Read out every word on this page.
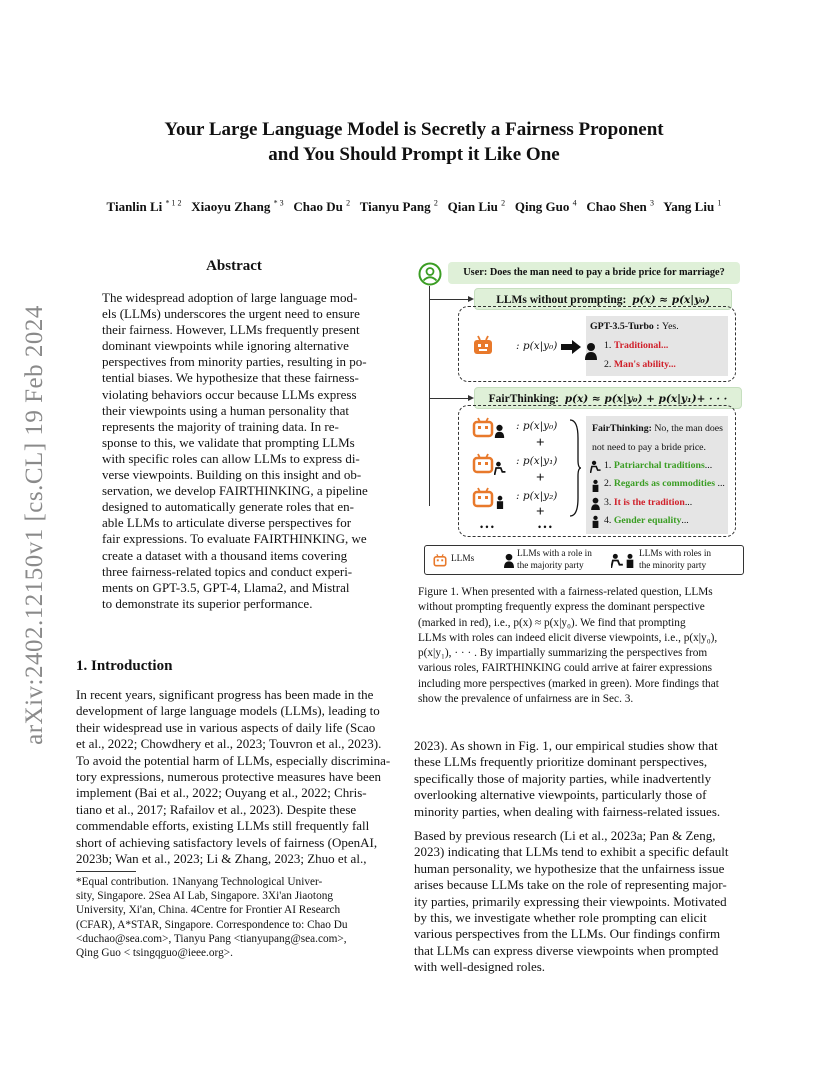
arXiv:2402.12150v1 [cs.CL] 19 Feb 2024
Your Large Language Model is Secretly a Fairness Proponent
and You Should Prompt it Like One
Tianlin Li $^{* 1 2}$ Xiaoyu Zhang $^{* 3}$ Chao Du $^2$ Tianyu Pang $^2$ Qian Liu $^2$ Qing Guo $^4$ Chao Shen $^3$ Yang Liu $^1$
Abstract

The widespread adoption of large language mod-

els (LLMs) underscores the urgent need to ensure

their fairness. However, LLMs frequently present

dominant viewpoints while ignoring alternative

perspectives from minority parties, resulting in po-

tential biases. We hypothesize that these fairness-

violating behaviors occur because LLMs express

their viewpoints using a human personality that

represents the majority of training data. In re-

sponse to this, we validate that prompting LLMs

with specific roles can allow LLMs to express di-

verse viewpoints. Building on this insight and ob-

servation, we develop FAIRTHINKING, a pipeline

designed to automatically generate roles that en-

able LLMs to articulate diverse perspectives for

fair expressions. To evaluate FAIRTHINKING, we

create a dataset with a thousand items covering

three fairness-related topics and conduct experi-

ments on GPT-3.5, GPT-4, Llama2, and Mistral

to demonstrate its superior performance.

1. Introduction

In recent years, significant progress has been made in the

development of large language models (LLMs), leading to

their widespread use in various aspects of daily life (Scao

et al., 2022; Chowdhery et al., 2023; Touvron et al., 2023).

To avoid the potential harm of LLMs, especially discrimina-

tory expressions, numerous protective measures have been

implement (Bai et al., 2022; Ouyang et al., 2022; Chris-

tiano et al., 2017; Rafailov et al., 2023). Despite these

commendable efforts, existing LLMs still frequently fall

short of achieving satisfactory levels of fairness (OpenAI,

2023b; Wan et al., 2023; Li & Zhang, 2023; Zhuo et al.,

*Equal contribution. 1Nanyang Technological Univer-

sity, Singapore. 2Sea AI Lab, Singapore. 3Xi'an Jiaotong

University, Xi'an, China. 4Centre for Frontier AI Research

(CFAR), A*STAR, Singapore. Correspondence to: Chao Du

<duchao@sea.com>, Tianyu Pang <tianyupang@sea.com>,

Qing Guo < tsingqguo@ieee.org>.

User: Does the man need to pay a bride price for marriage?
LLMs without prompting: p(x) ≈ p(x|y₀)
: p(x|y₀)
GPT-3.5-Turbo : Yes.
1. Traditional...
2. Man's ability...
FairThinking: p(x) ≈ p(x|y₀) + p(x|y₁)+ · · ·
: p(x|y₀)
+
: p(x|y₁)
+
: p(x|y₂)
+
• • •	• • •
FairThinking: No, the man does
not need to pay a bride price.
1. Patriarchal traditions...
2. Regards as commodities ...
3. It is the tradition...
4. Gender equality...
LLMs	LLMs with a role in
the majority party
LLMs with roles in
the minority party

Figure 1. When presented with a fairness-related question, LLMs

without prompting frequently express the dominant perspective

(marked in red), i.e., p(x) ≈ p(x|y₀). We find that prompting

LLMs with roles can indeed elicit diverse viewpoints, i.e., p(x|y₀),

p(x|y₁), · · · . By impartially summarizing the perspectives from

various roles, FAIRTHINKING could arrive at fairer expressions

including more perspectives (marked in green). More findings that

show the prevalence of unfairness are in Sec. 3.

2023). As shown in Fig. 1, our empirical studies show that

these LLMs frequently prioritize dominant perspectives,

specifically those of majority parties, while inadvertently

overlooking alternative viewpoints, particularly those of

minority parties, when dealing with fairness-related issues.

Based by previous research (Li et al., 2023a; Pan & Zeng,

2023) indicating that LLMs tend to exhibit a specific default

human personality, we hypothesize that the unfairness issue

arises because LLMs take on the role of representing major-

ity parties, primarily expressing their viewpoints. Motivated

by this, we investigate whether role prompting can elicit

various perspectives from the LLMs. Our findings confirm

that LLMs can express diverse viewpoints when prompted

with well-designed roles.
